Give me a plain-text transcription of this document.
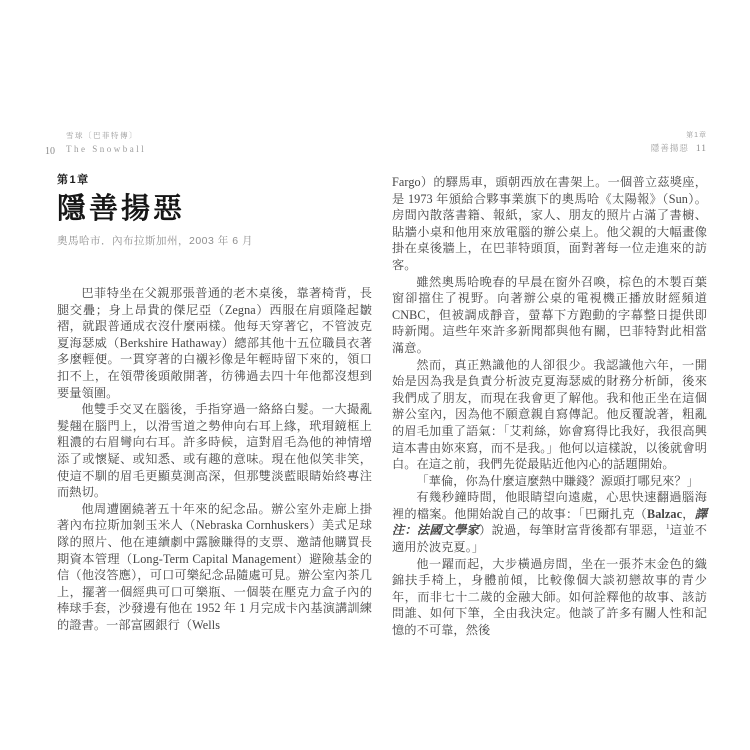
10
雪球〔巴菲特傳〕
The Snowball
第1章
隱善揚惡
奧馬哈市．內布拉斯加州，2003 年 6 月

巴菲特坐在父親那張普通的老木桌後，靠著椅背，長腿交疊；身上昂貴的傑尼亞（Zegna）西服在肩頭隆起皺褶，就跟普通成衣沒什麼兩樣。他每天穿著它，不管波克夏海瑟威（Berkshire Hathaway）總部其他十五位職員衣著多麼輕便。一貫穿著的白襯衫像是年輕時留下來的，領口扣不上，在領帶後頭敞開著，彷彿過去四十年他都沒想到要量領圍。

他雙手交叉在腦後，手指穿過一絡絡白髮。一大撮亂髮翹在腦門上，以滑雪道之勢伸向右耳上緣，玳瑁鏡框上粗濃的右眉彎向右耳。許多時候，這對眉毛為他的神情增添了或懷疑、或知悉、或有趣的意味。現在他似笑非笑，使這不馴的眉毛更顯莫測高深，但那雙淡藍眼睛始終專注而熱切。

他周遭圍繞著五十年來的紀念品。辦公室外走廊上掛著內布拉斯加剝玉米人（Nebraska Cornhuskers）美式足球隊的照片、他在連續劇中露臉賺得的支票、邀請他購買長期資本管理（Long-Term Capital Management）避險基金的信（他沒答應），可口可樂紀念品隨處可見。辦公室內茶几上，擺著一個經典可口可樂瓶、一個裝在壓克力盒子內的棒球手套，沙發邊有他在 1952 年 1 月完成卡內基演講訓練的證書。一部富國銀行（Wells

第1章
隱善揚惡 11

Fargo）的驛馬車，頭朝西放在書架上。一個普立茲獎座，是 1973 年頒給合夥事業旗下的奧馬哈《太陽報》（Sun）。房間內散落書籍、報紙，家人、朋友的照片占滿了書櫥、貼牆小桌和他用來放電腦的辦公桌上。他父親的大幅畫像掛在桌後牆上，在巴菲特頭頂，面對著每一位走進來的訪客。

雖然奧馬哈晚春的早晨在窗外召喚，棕色的木製百葉窗卻擋住了視野。向著辦公桌的電視機正播放財經頻道 CNBC，但被調成靜音，螢幕下方跑動的字幕整日提供即時新聞。這些年來許多新聞都與他有關，巴菲特對此相當滿意。

然而，真正熟識他的人卻很少。我認識他六年，一開始是因為我是負責分析波克夏海瑟威的財務分析師，後來我們成了朋友，而現在我會更了解他。我和他正坐在這個辦公室內，因為他不願意親自寫傳記。他反覆說著，粗亂的眉毛加重了語氣：「艾莉絲，妳會寫得比我好，我很高興這本書由妳來寫，而不是我。」他何以這樣說，以後就會明白。在這之前，我們先從最貼近他內心的話題開始。

「華倫，你為什麼這麼熱中賺錢？源頭打哪兒來？」

有幾秒鐘時間，他眼睛望向遠處，心思快速翻過腦海裡的檔案。他開始說自己的故事：「巴爾扎克（Balzac，譯注：法國文學家）說過，每筆財富背後都有罪惡，$^1$這並不適用於波克夏。」

他一躍而起，大步橫過房間，坐在一張芥末金色的織錦扶手椅上，身體前傾，比較像個大談初戀故事的青少年，而非七十二歲的金融大師。如何詮釋他的故事、該訪問誰、如何下筆，全由我決定。他談了許多有關人性和記憶的不可靠，然後
